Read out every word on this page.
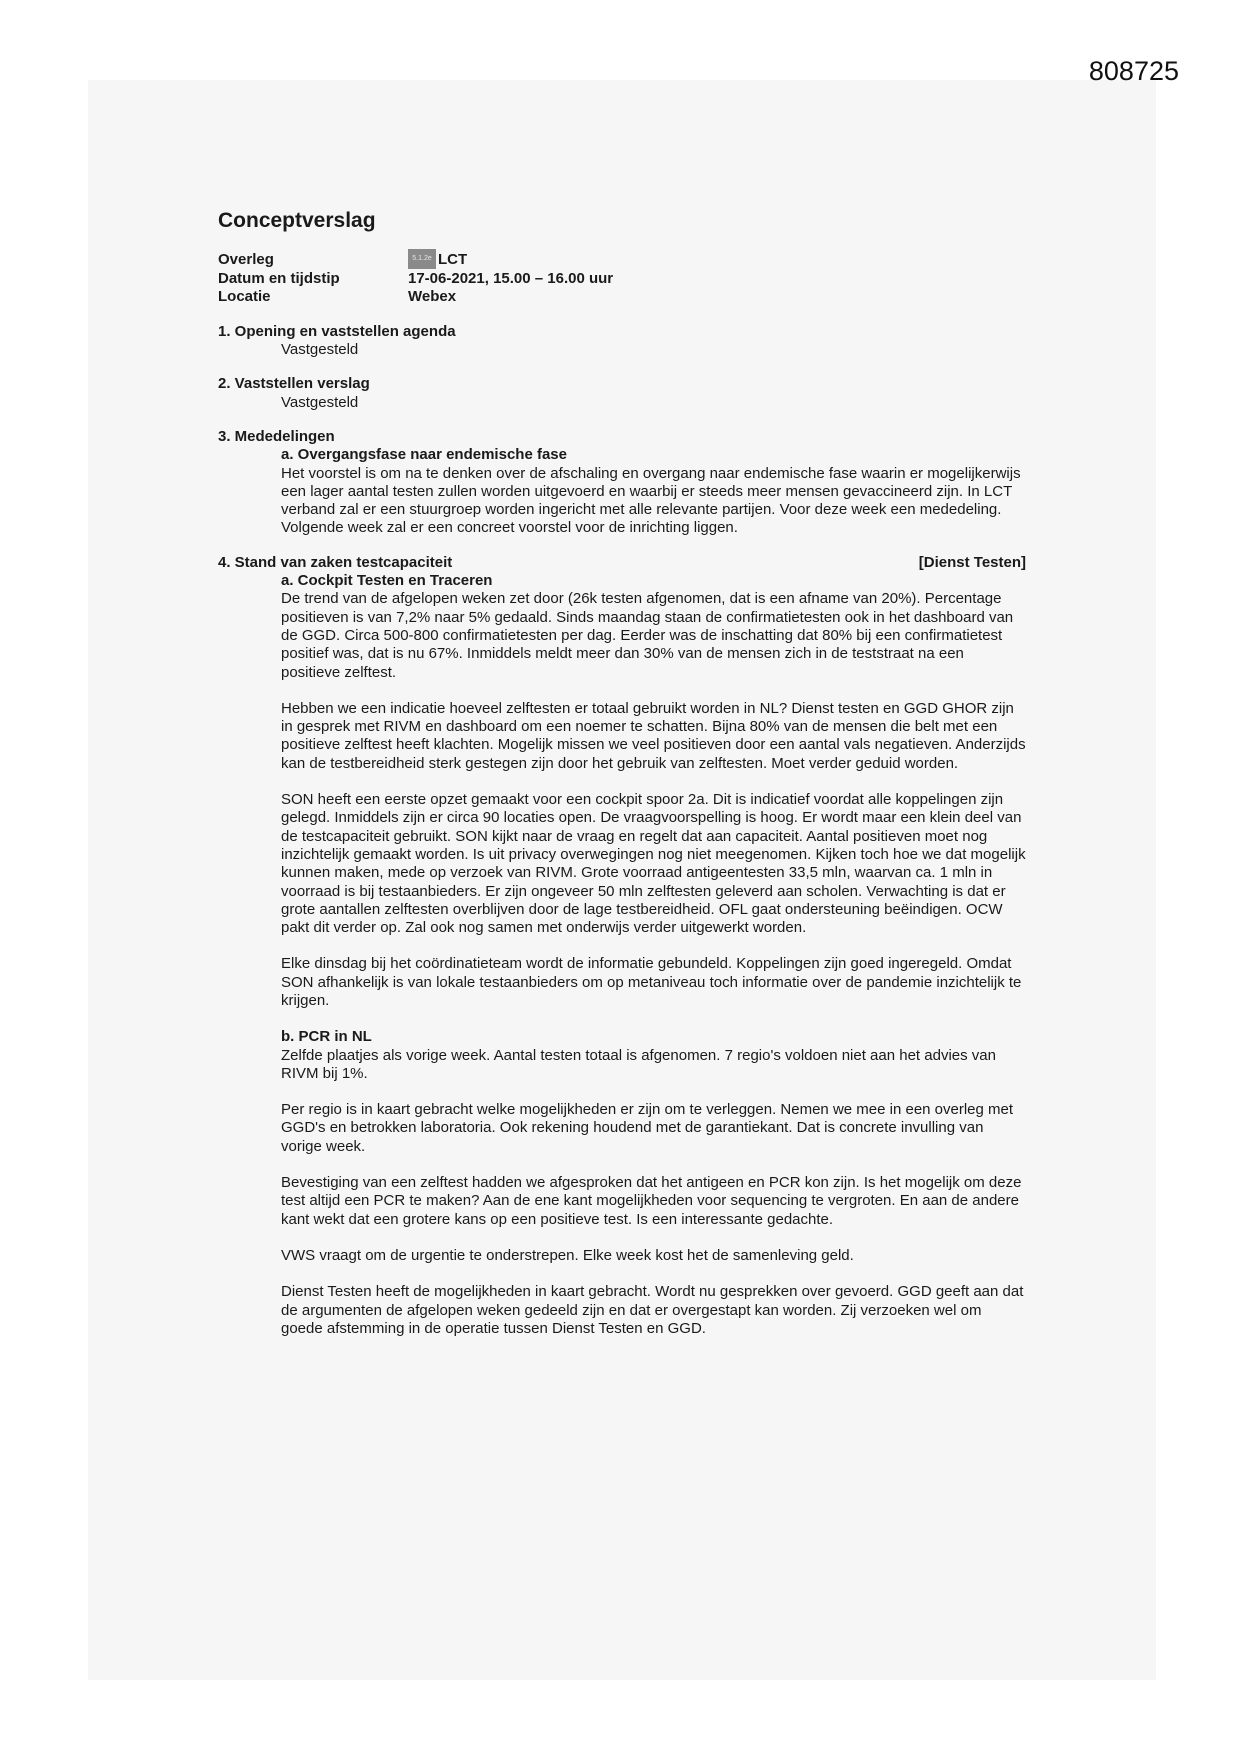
808725
Conceptverslag
Overleg	5.1.2e LCT
Datum en tijdstip	17-06-2021, 15.00 – 16.00 uur
Locatie	Webex
1. Opening en vaststellen agenda
Vastgesteld
2. Vaststellen verslag
Vastgesteld
3. Mededelingen
a. Overgangsfase naar endemische fase
Het voorstel is om na te denken over de afschaling en overgang naar endemische fase waarin er mogelijkerwijs een lager aantal testen zullen worden uitgevoerd en waarbij er steeds meer mensen gevaccineerd zijn. In LCT verband zal er een stuurgroep worden ingericht met alle relevante partijen. Voor deze week een mededeling. Volgende week zal er een concreet voorstel voor de inrichting liggen.
4. Stand van zaken testcapaciteit	[Dienst Testen]
a. Cockpit Testen en Traceren
De trend van de afgelopen weken zet door (26k testen afgenomen, dat is een afname van 20%). Percentage positieven is van 7,2% naar 5% gedaald. Sinds maandag staan de confirmatietesten ook in het dashboard van de GGD. Circa 500-800 confirmatietesten per dag. Eerder was de inschatting dat 80% bij een confirmatietest positief was, dat is nu 67%. Inmiddels meldt meer dan 30% van de mensen zich in de teststraat na een positieve zelftest.
Hebben we een indicatie hoeveel zelftesten er totaal gebruikt worden in NL? Dienst testen en GGD GHOR zijn in gesprek met RIVM en dashboard om een noemer te schatten. Bijna 80% van de mensen die belt met een positieve zelftest heeft klachten. Mogelijk missen we veel positieven door een aantal vals negatieven. Anderzijds kan de testbereidheid sterk gestegen zijn door het gebruik van zelftesten. Moet verder geduid worden.
SON heeft een eerste opzet gemaakt voor een cockpit spoor 2a. Dit is indicatief voordat alle koppelingen zijn gelegd. Inmiddels zijn er circa 90 locaties open. De vraagvoorspelling is hoog. Er wordt maar een klein deel van de testcapaciteit gebruikt. SON kijkt naar de vraag en regelt dat aan capaciteit. Aantal positieven moet nog inzichtelijk gemaakt worden. Is uit privacy overwegingen nog niet meegenomen. Kijken toch hoe we dat mogelijk kunnen maken, mede op verzoek van RIVM. Grote voorraad antigeentesten 33,5 mln, waarvan ca. 1 mln in voorraad is bij testaanbieders. Er zijn ongeveer 50 mln zelftesten geleverd aan scholen. Verwachting is dat er grote aantallen zelftesten overblijven door de lage testbereidheid. OFL gaat ondersteuning beëindigen. OCW pakt dit verder op. Zal ook nog samen met onderwijs verder uitgewerkt worden.
Elke dinsdag bij het coördinatieteam wordt de informatie gebundeld. Koppelingen zijn goed ingeregeld. Omdat SON afhankelijk is van lokale testaanbieders om op metaniveau toch informatie over de pandemie inzichtelijk te krijgen.
b. PCR in NL
Zelfde plaatjes als vorige week. Aantal testen totaal is afgenomen. 7 regio's voldoen niet aan het advies van RIVM bij 1%.
Per regio is in kaart gebracht welke mogelijkheden er zijn om te verleggen. Nemen we mee in een overleg met GGD's en betrokken laboratoria. Ook rekening houdend met de garantiekant. Dat is concrete invulling van vorige week.
Bevestiging van een zelftest hadden we afgesproken dat het antigeen en PCR kon zijn. Is het mogelijk om deze test altijd een PCR te maken? Aan de ene kant mogelijkheden voor sequencing te vergroten. En aan de andere kant wekt dat een grotere kans op een positieve test. Is een interessante gedachte.
VWS vraagt om de urgentie te onderstrepen. Elke week kost het de samenleving geld.
Dienst Testen heeft de mogelijkheden in kaart gebracht. Wordt nu gesprekken over gevoerd. GGD geeft aan dat de argumenten de afgelopen weken gedeeld zijn en dat er overgestapt kan worden. Zij verzoeken wel om goede afstemming in de operatie tussen Dienst Testen en GGD.
